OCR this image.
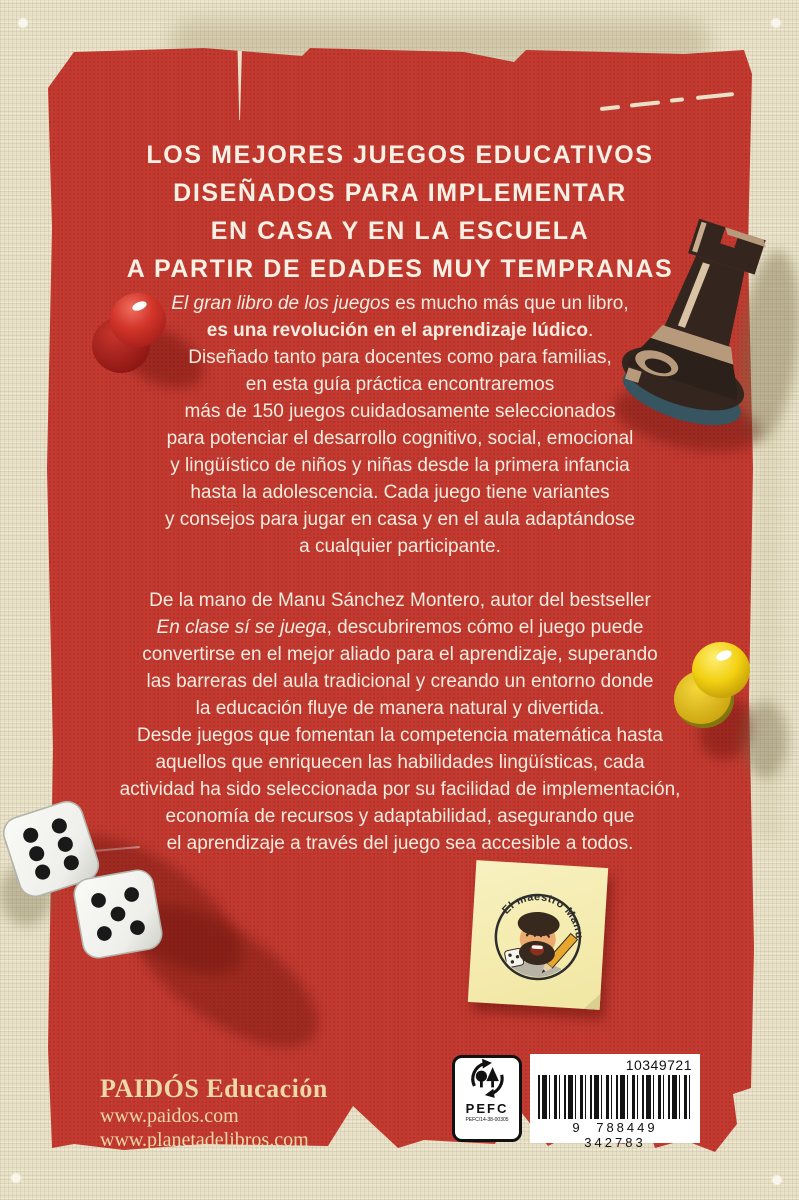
LOS MEJORES JUEGOS EDUCATIVOS
DISEÑADOS PARA IMPLEMENTAR
EN CASA Y EN LA ESCUELA
A PARTIR DE EDADES MUY TEMPRANAS
El gran libro de los juegos es mucho más que un libro,
es una revolución en el aprendizaje lúdico.
Diseñado tanto para docentes como para familias,
en esta guía práctica encontraremos
más de 150 juegos cuidadosamente seleccionados
para potenciar el desarrollo cognitivo, social, emocional
y lingüístico de niños y niñas desde la primera infancia
hasta la adolescencia. Cada juego tiene variantes
y consejos para jugar en casa y en el aula adaptándose
a cualquier participante.
De la mano de Manu Sánchez Montero, autor del bestseller
En clase sí se juega, descubriremos cómo el juego puede
convertirse en el mejor aliado para el aprendizaje, superando
las barreras del aula tradicional y creando un entorno donde
la educación fluye de manera natural y divertida.
Desde juegos que fomentan la competencia matemática hasta
aquellos que enriquecen las habilidades lingüísticas, cada
actividad ha sido seleccionada por su facilidad de implementación,
economía de recursos y adaptabilidad, asegurando que
el aprendizaje a través del juego sea accesible a todos.
El maestro Manu
PAIDÓS Educación
www.paidos.com
www.planetadelibros.com
PEFC
PEFC/14-38-00305
10349721
9 788449 342783
